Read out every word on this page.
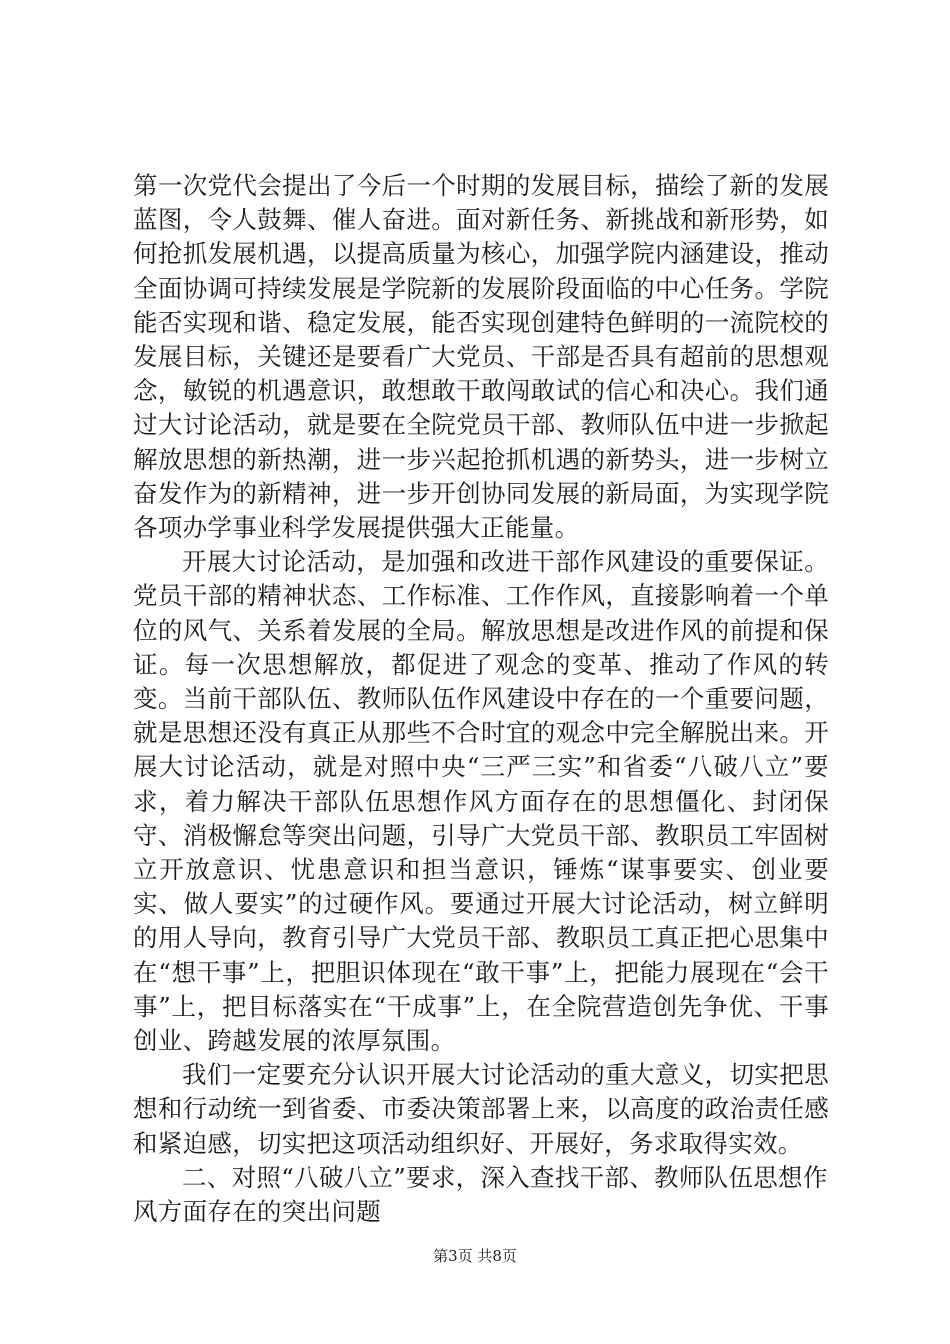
第一次党代会提出了今后一个时期的发展目标，描绘了新的发展蓝图，令人鼓舞、催人奋进。面对新任务、新挑战和新形势，如何抢抓发展机遇，以提高质量为核心，加强学院内涵建设，推动全面协调可持续发展是学院新的发展阶段面临的中心任务。学院能否实现和谐、稳定发展，能否实现创建特色鲜明的一流院校的发展目标，关键还是要看广大党员、干部是否具有超前的思想观念，敏锐的机遇意识，敢想敢干敢闯敢试的信心和决心。我们通过大讨论活动，就是要在全院党员干部、教师队伍中进一步掀起解放思想的新热潮，进一步兴起抢抓机遇的新势头，进一步树立奋发作为的新精神，进一步开创协同发展的新局面，为实现学院各项办学事业科学发展提供强大正能量。

开展大讨论活动，是加强和改进干部作风建设的重要保证。党员干部的精神状态、工作标准、工作作风，直接影响着一个单位的风气、关系着发展的全局。解放思想是改进作风的前提和保证。每一次思想解放，都促进了观念的变革、推动了作风的转变。当前干部队伍、教师队伍作风建设中存在的一个重要问题，就是思想还没有真正从那些不合时宜的观念中完全解脱出来。开展大讨论活动，就是对照中央“三严三实”和省委“八破八立”要求，着力解决干部队伍思想作风方面存在的思想僵化、封闭保守、消极懈怠等突出问题，引导广大党员干部、教职员工牢固树立开放意识、忧患意识和担当意识，锤炼“谋事要实、创业要实、做人要实”的过硬作风。要通过开展大讨论活动，树立鲜明的用人导向，教育引导广大党员干部、教职员工真正把心思集中在“想干事”上，把胆识体现在“敢干事”上，把能力展现在“会干事”上，把目标落实在“干成事”上，在全院营造创先争优、干事创业、跨越发展的浓厚氛围。

我们一定要充分认识开展大讨论活动的重大意义，切实把思想和行动统一到省委、市委决策部署上来，以高度的政治责任感和紧迫感，切实把这项活动组织好、开展好，务求取得实效。

二、对照“八破八立”要求，深入查找干部、教师队伍思想作风方面存在的突出问题

第3页 共8页
